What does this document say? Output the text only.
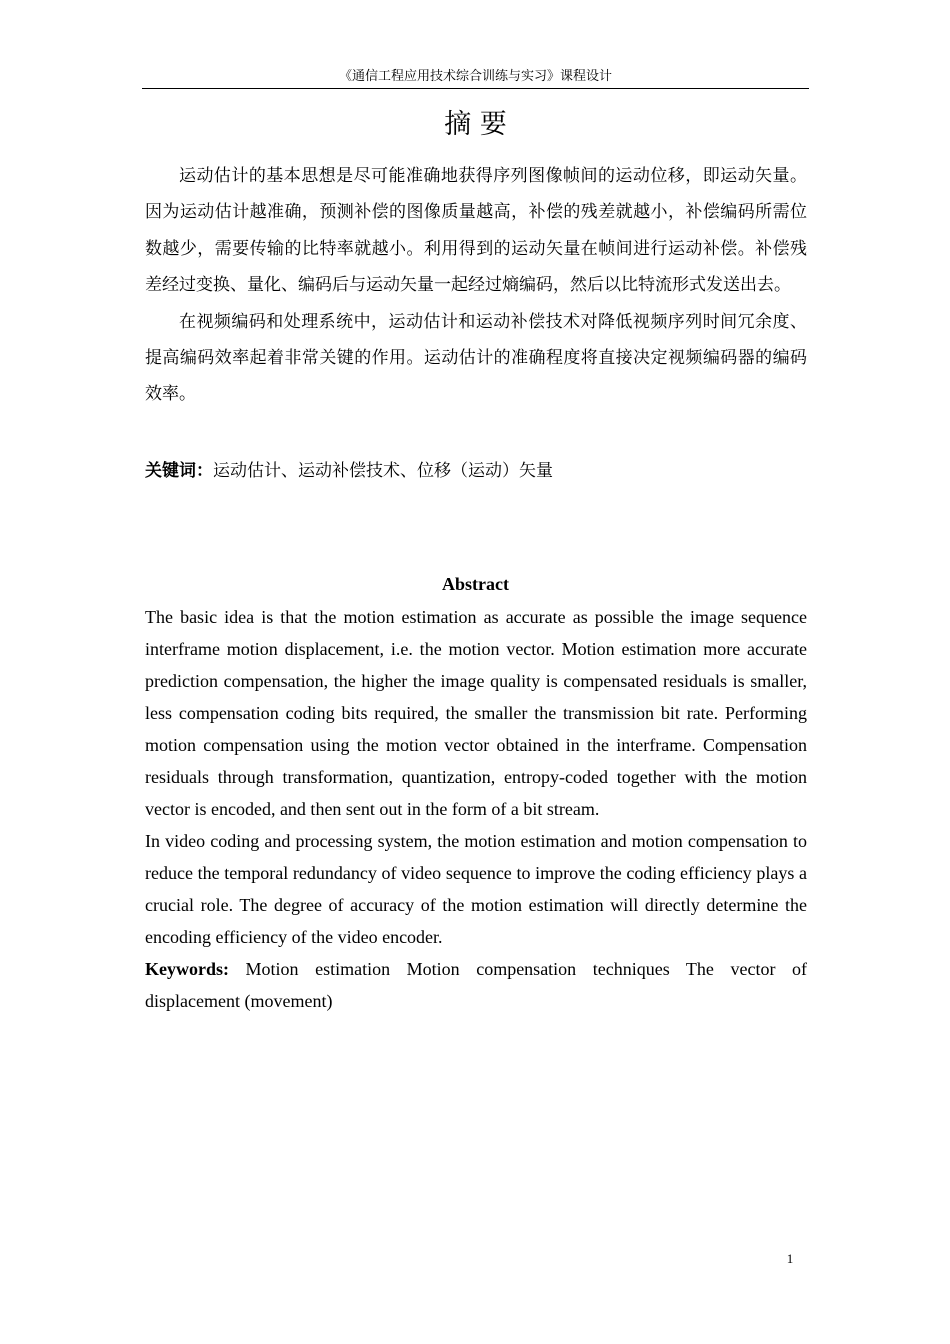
《通信工程应用技术综合训练与实习》课程设计
摘 要

运动估计的基本思想是尽可能准确地获得序列图像帧间的运动位移，即运动矢量。因为运动估计越准确，预测补偿的图像质量越高，补偿的残差就越小，补偿编码所需位数越少，需要传输的比特率就越小。利用得到的运动矢量在帧间进行运动补偿。补偿残差经过变换、量化、编码后与运动矢量一起经过熵编码，然后以比特流形式发送出去。

在视频编码和处理系统中，运动估计和运动补偿技术对降低视频序列时间冗余度、提高编码效率起着非常关键的作用。运动估计的准确程度将直接决定视频编码器的编码效率。

关键词：运动估计、运动补偿技术、位移（运动）矢量
Abstract

The basic idea is that the motion estimation as accurate as possible the image sequence interframe motion displacement, i.e. the motion vector. Motion estimation more accurate prediction compensation, the higher the image quality is compensated residuals is smaller, less compensation coding bits required, the smaller the transmission bit rate. Performing motion compensation using the motion vector obtained in the interframe. Compensation residuals through transformation, quantization, entropy-coded together with the motion vector is encoded, and then sent out in the form of a bit stream.

In video coding and processing system, the motion estimation and motion compensation to reduce the temporal redundancy of video sequence to improve the coding efficiency plays a crucial role. The degree of accuracy of the motion estimation will directly determine the encoding efficiency of the video encoder.

Keywords: Motion estimation Motion compensation techniques The vector of displacement (movement)

1
